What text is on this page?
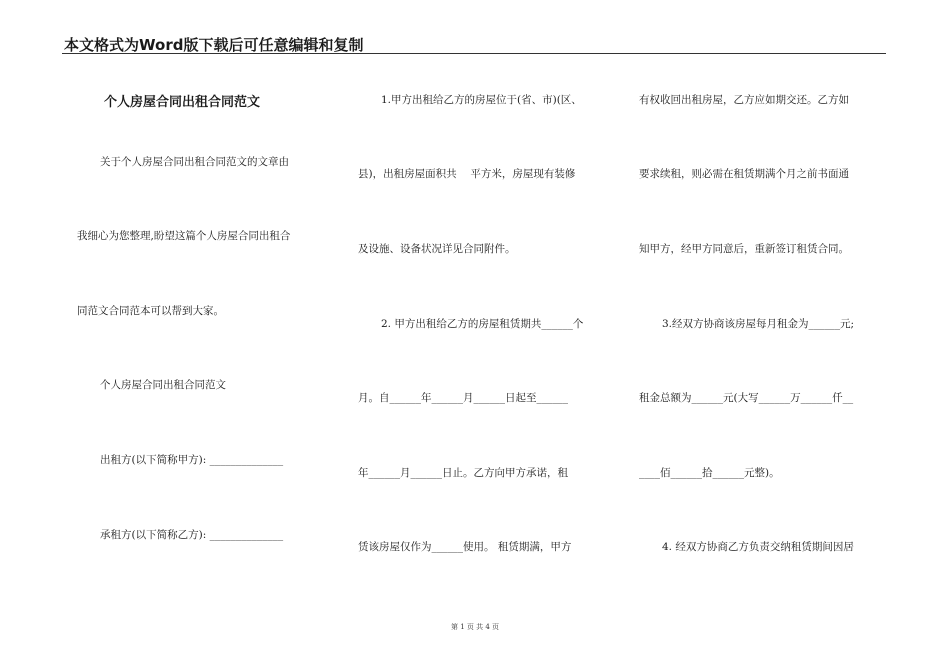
本文格式为Word版下载后可任意编辑和复制
个人房屋合同出租合同范文
关于个人房屋合同出租合同范文的文章由
我细心为您整理,盼望这篇个人房屋合同出租合
同范文合同范本可以帮到大家。
个人房屋合同出租合同范文
出租方(以下简称甲方): ______________
承租方(以下简称乙方): ______________
1.甲方出租给乙方的房屋位于(省、市)(区、
县)，出租房屋面积共　 平方米，房屋现有装修
及设施、设备状况详见合同附件。
2. 甲方出租给乙方的房屋租赁期共______个
月。自______年______月______日起至______
年______月______日止。乙方向甲方承诺，租
赁该房屋仅作为______使用。 租赁期满，甲方
有权收回出租房屋，乙方应如期交还。乙方如
要求续租，则必需在租赁期满个月之前书面通
知甲方，经甲方同意后，重新签订租赁合同。
3.经双方协商该房屋每月租金为______元;
租金总额为______元(大写______万______仟__
____佰______拾______元整)。
4. 经双方协商乙方负责交纳租赁期间因居
第 1 页 共 4 页
